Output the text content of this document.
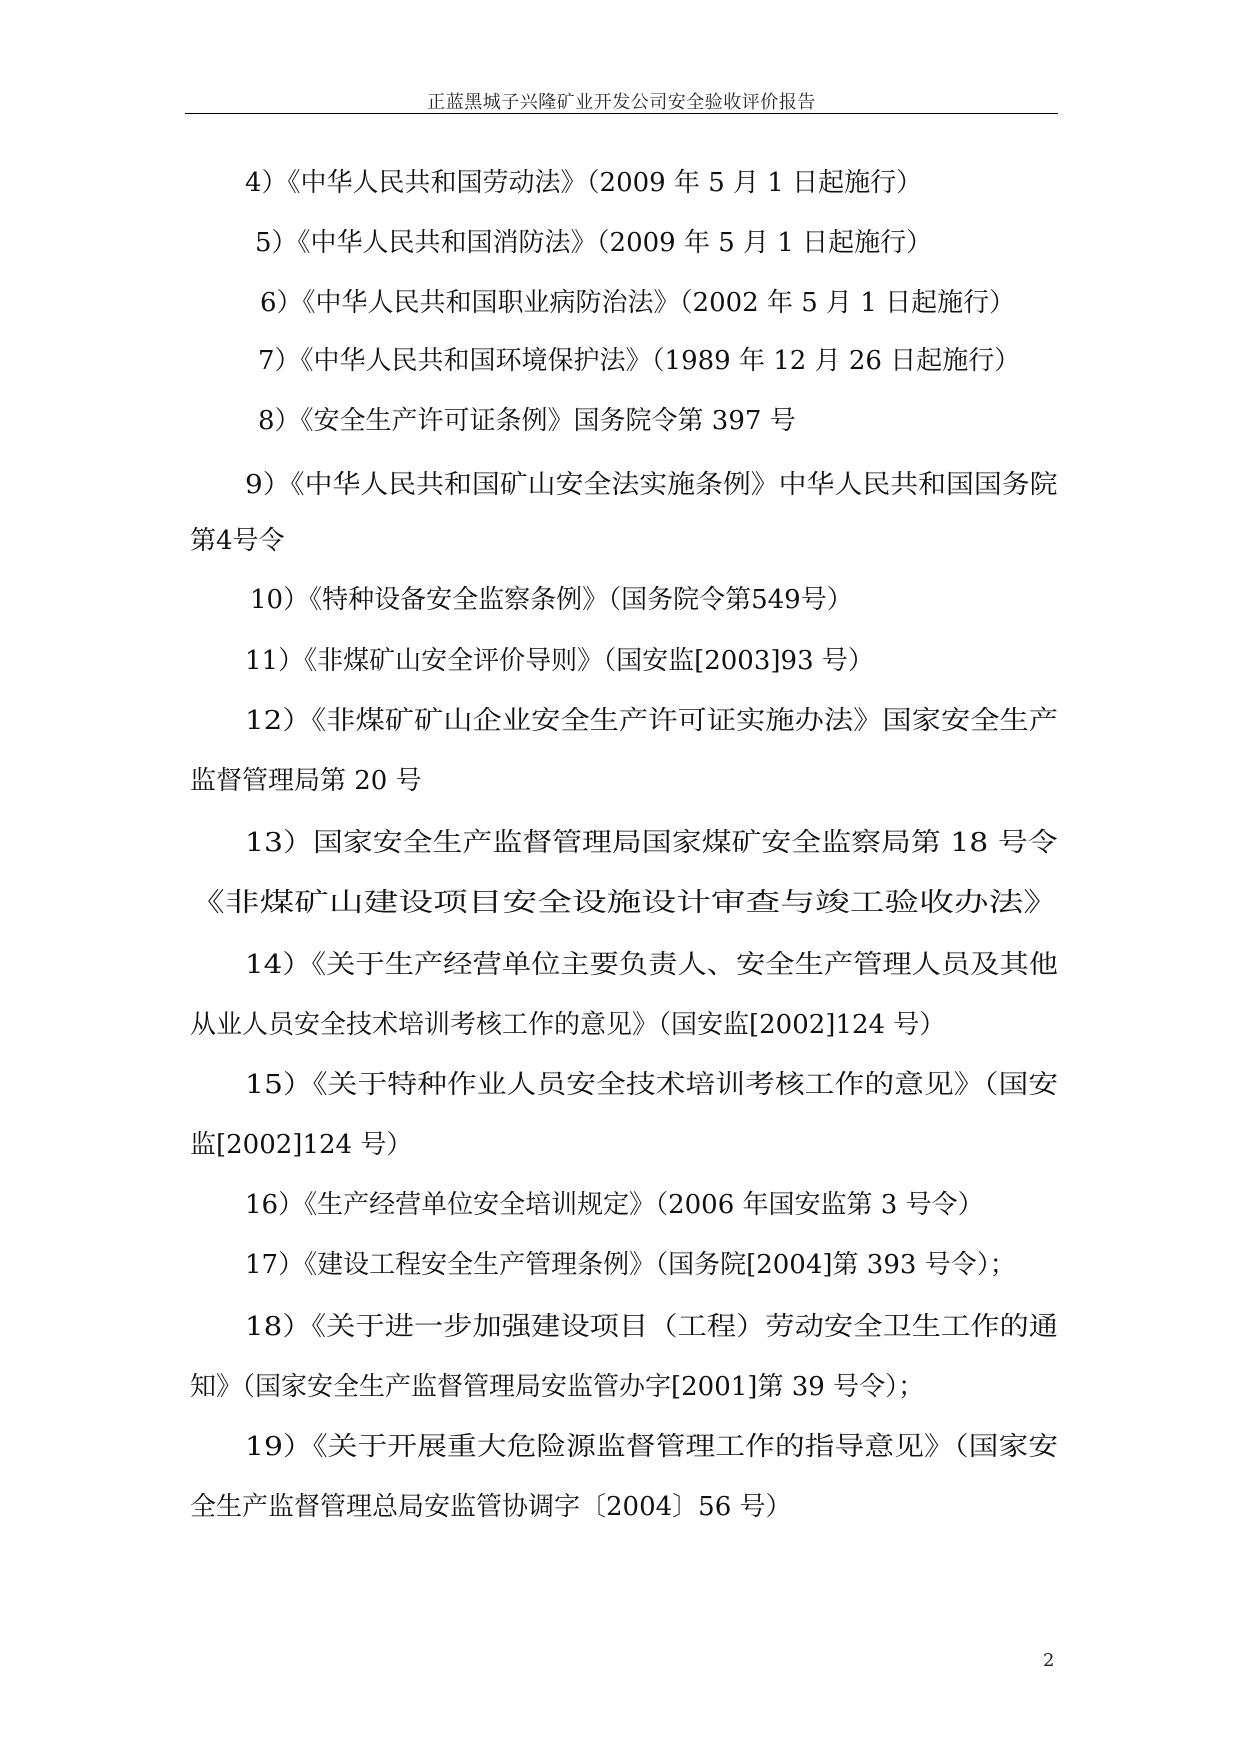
正蓝黑城子兴隆矿业开发公司安全验收评价报告
4）《中华人民共和国劳动法》（2009 年 5 月 1 日起施行）
5）《中华人民共和国消防法》（2009 年 5 月 1 日起施行）
6）《中华人民共和国职业病防治法》（2002 年 5 月 1 日起施行）
7）《中华人民共和国环境保护法》（1989 年 12 月 26 日起施行）
8）《安全生产许可证条例》国务院令第 397 号
9）《中华人民共和国矿山安全法实施条例》中华人民共和国国务院
第4号令
10）《特种设备安全监察条例》（国务院令第549号）
11）《非煤矿山安全评价导则》（国安监[2003]93 号）
12）《非煤矿矿山企业安全生产许可证实施办法》国家安全生产
监督管理局第 20 号
13）国家安全生产监督管理局国家煤矿安全监察局第 18 号令
《非煤矿山建设项目安全设施设计审查与竣工验收办法》
14）《关于生产经营单位主要负责人、安全生产管理人员及其他
从业人员安全技术培训考核工作的意见》（国安监[2002]124 号）
15）《关于特种作业人员安全技术培训考核工作的意见》（国安
监[2002]124 号）
16）《生产经营单位安全培训规定》（2006 年国安监第 3 号令）
17）《建设工程安全生产管理条例》（国务院[2004]第 393 号令）；
18）《关于进一步加强建设项目（工程）劳动安全卫生工作的通
知》（国家安全生产监督管理局安监管办字[2001]第 39 号令）；
19）《关于开展重大危险源监督管理工作的指导意见》（国家安
全生产监督管理总局安监管协调字〔2004〕56 号）
2
